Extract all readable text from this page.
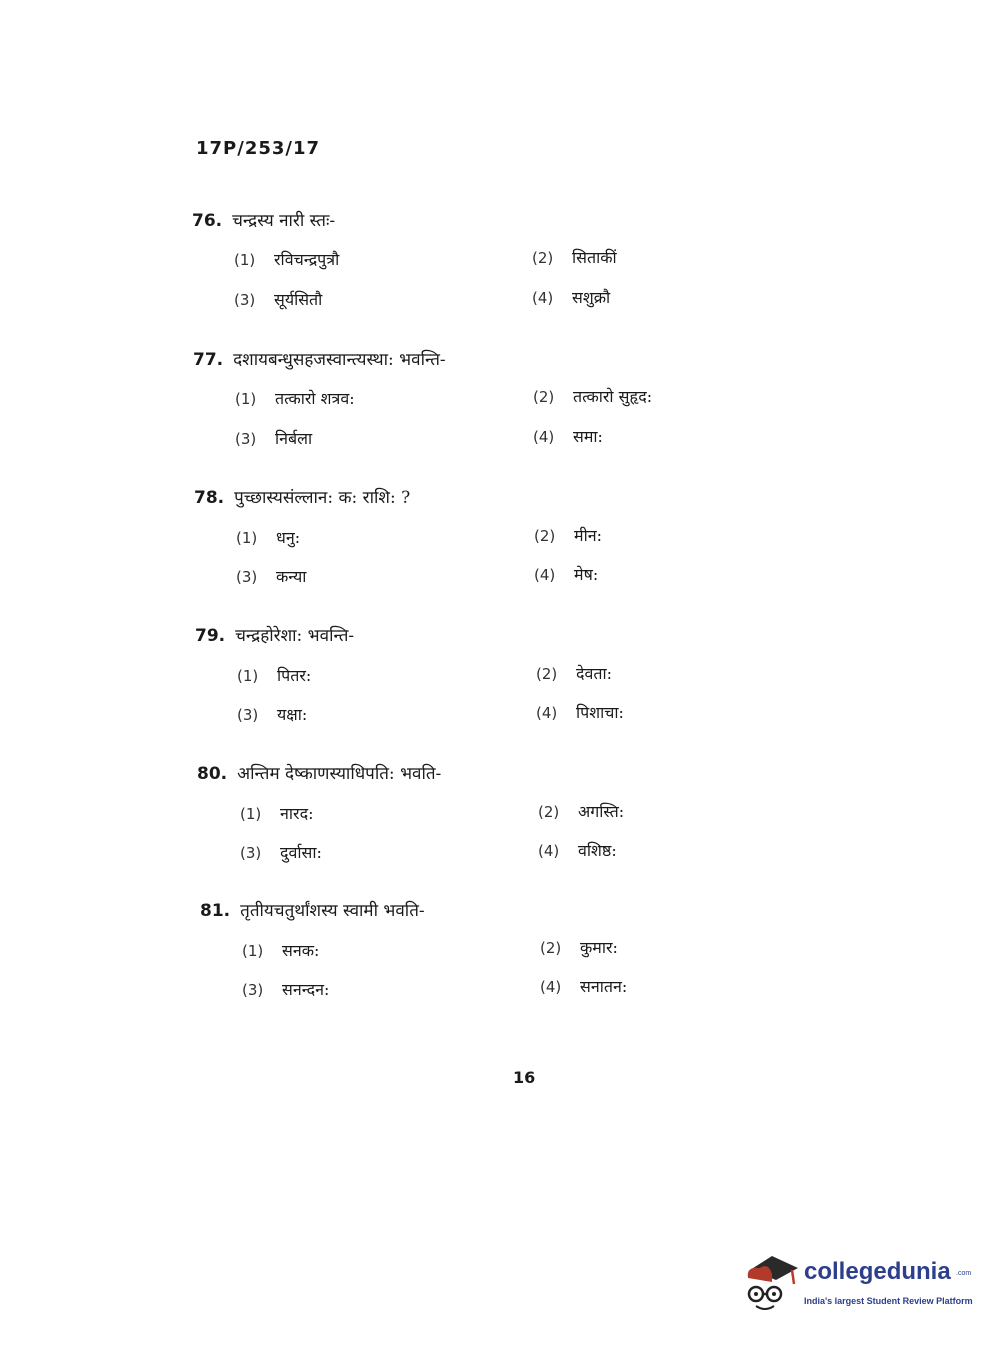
17P/253/17
76. चन्द्रस्य नारी स्तः-
(1) रविचन्द्रपुत्रौ	(2) सिताकीं
(3) सूर्यसितौ	(4) सशुक्रौ
77. दशायबन्धुसहजस्वान्त्यस्था: भवन्ति-
(1) तत्कारो शत्रव:	(2) तत्कारो सुहृद:
(3) निर्बला	(4) समा:
78. पुच्छास्यसंल्लान: क: राशि: ?
(1) धनु:	(2) मीन:
(3) कन्या	(4) मेष:
79. चन्द्रहोरेशा: भवन्ति-
(1) पितर:	(2) देवता:
(3) यक्षा:	(4) पिशाचा:
80. अन्तिम देष्काणस्याधिपति: भवति-
(1) नारद:	(2) अगस्ति:
(3) दुर्वासा:	(4) वशिष्ठ:
81. तृतीयचतुर्थांशस्य स्वामी भवति-
(1) सनक:	(2) कुमार:
(3) सनन्दन:	(4) सनातन:
16
collegedunia .com
India's largest Student Review Platform
